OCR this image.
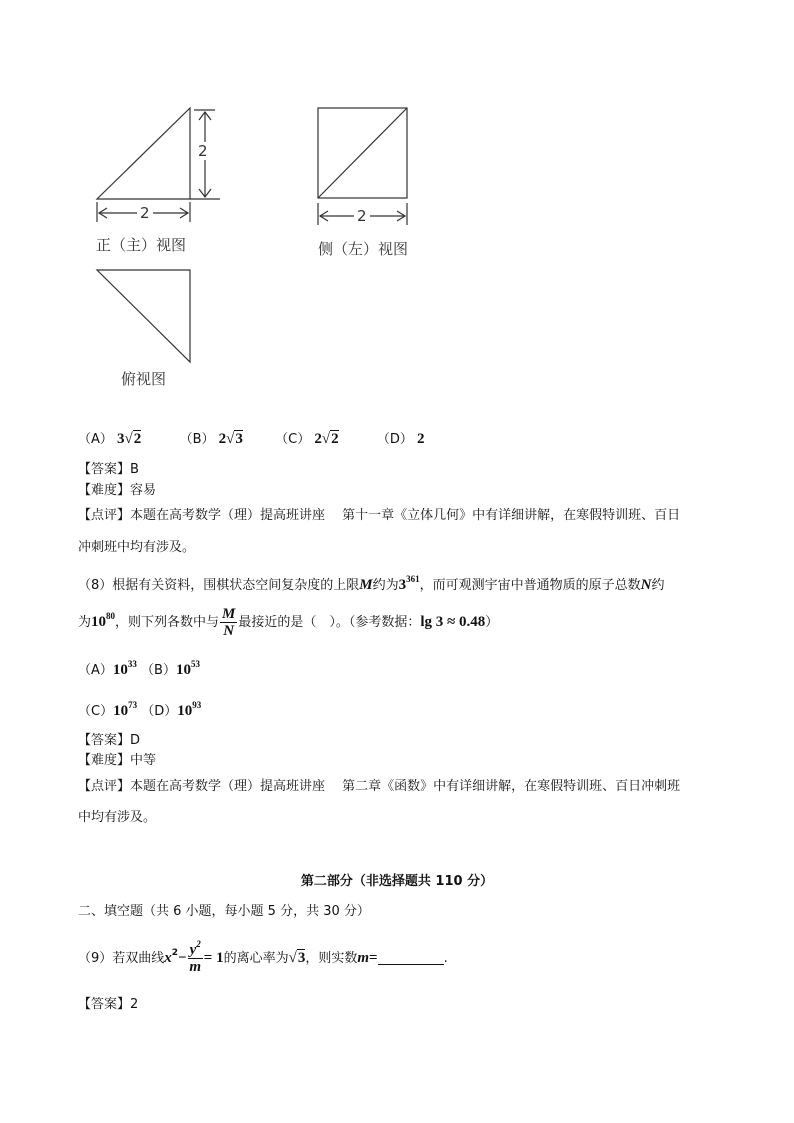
2
2
正（主）视图
2
侧（左）视图
俯视图
（A） 3√2	（B） 2√3 （C） 2√2	（D） 2
【答案】B
【难度】容易
【点评】本题在高考数学（理）提高班讲座　 第十一章《立体几何》中有详细讲解，在寒假特训班、百日
冲刺班中均有涉及。
（8）根据有关资料，围棋状态空间复杂度的上限M约为$3^{361}$，而可观测宇宙中普通物质的原子总数N约
为$10^{80}$，则下列各数中与 $\frac{M}{N}$ 最接近的是（　）。（参考数据：lg 3 ≈ 0.48）
$(A)10^{33}$ $(B)10^{53}$
$(C)10^{73}$ $(D)10^{93}$
【答案】D
【难度】中等
【点评】本题在高考数学（理）提高班讲座　 第二章《函数》中有详细讲解，在寒假特训班、百日冲刺班
中均有涉及。
第二部分（非选择题共 110 分）
二、填空题（共 6 小题，每小题 5 分，共 30 分）
（9）若双曲线$x^2- \frac{y^2}{m} = 1$的离心率为√3，则实数m=	.
【答案】2
